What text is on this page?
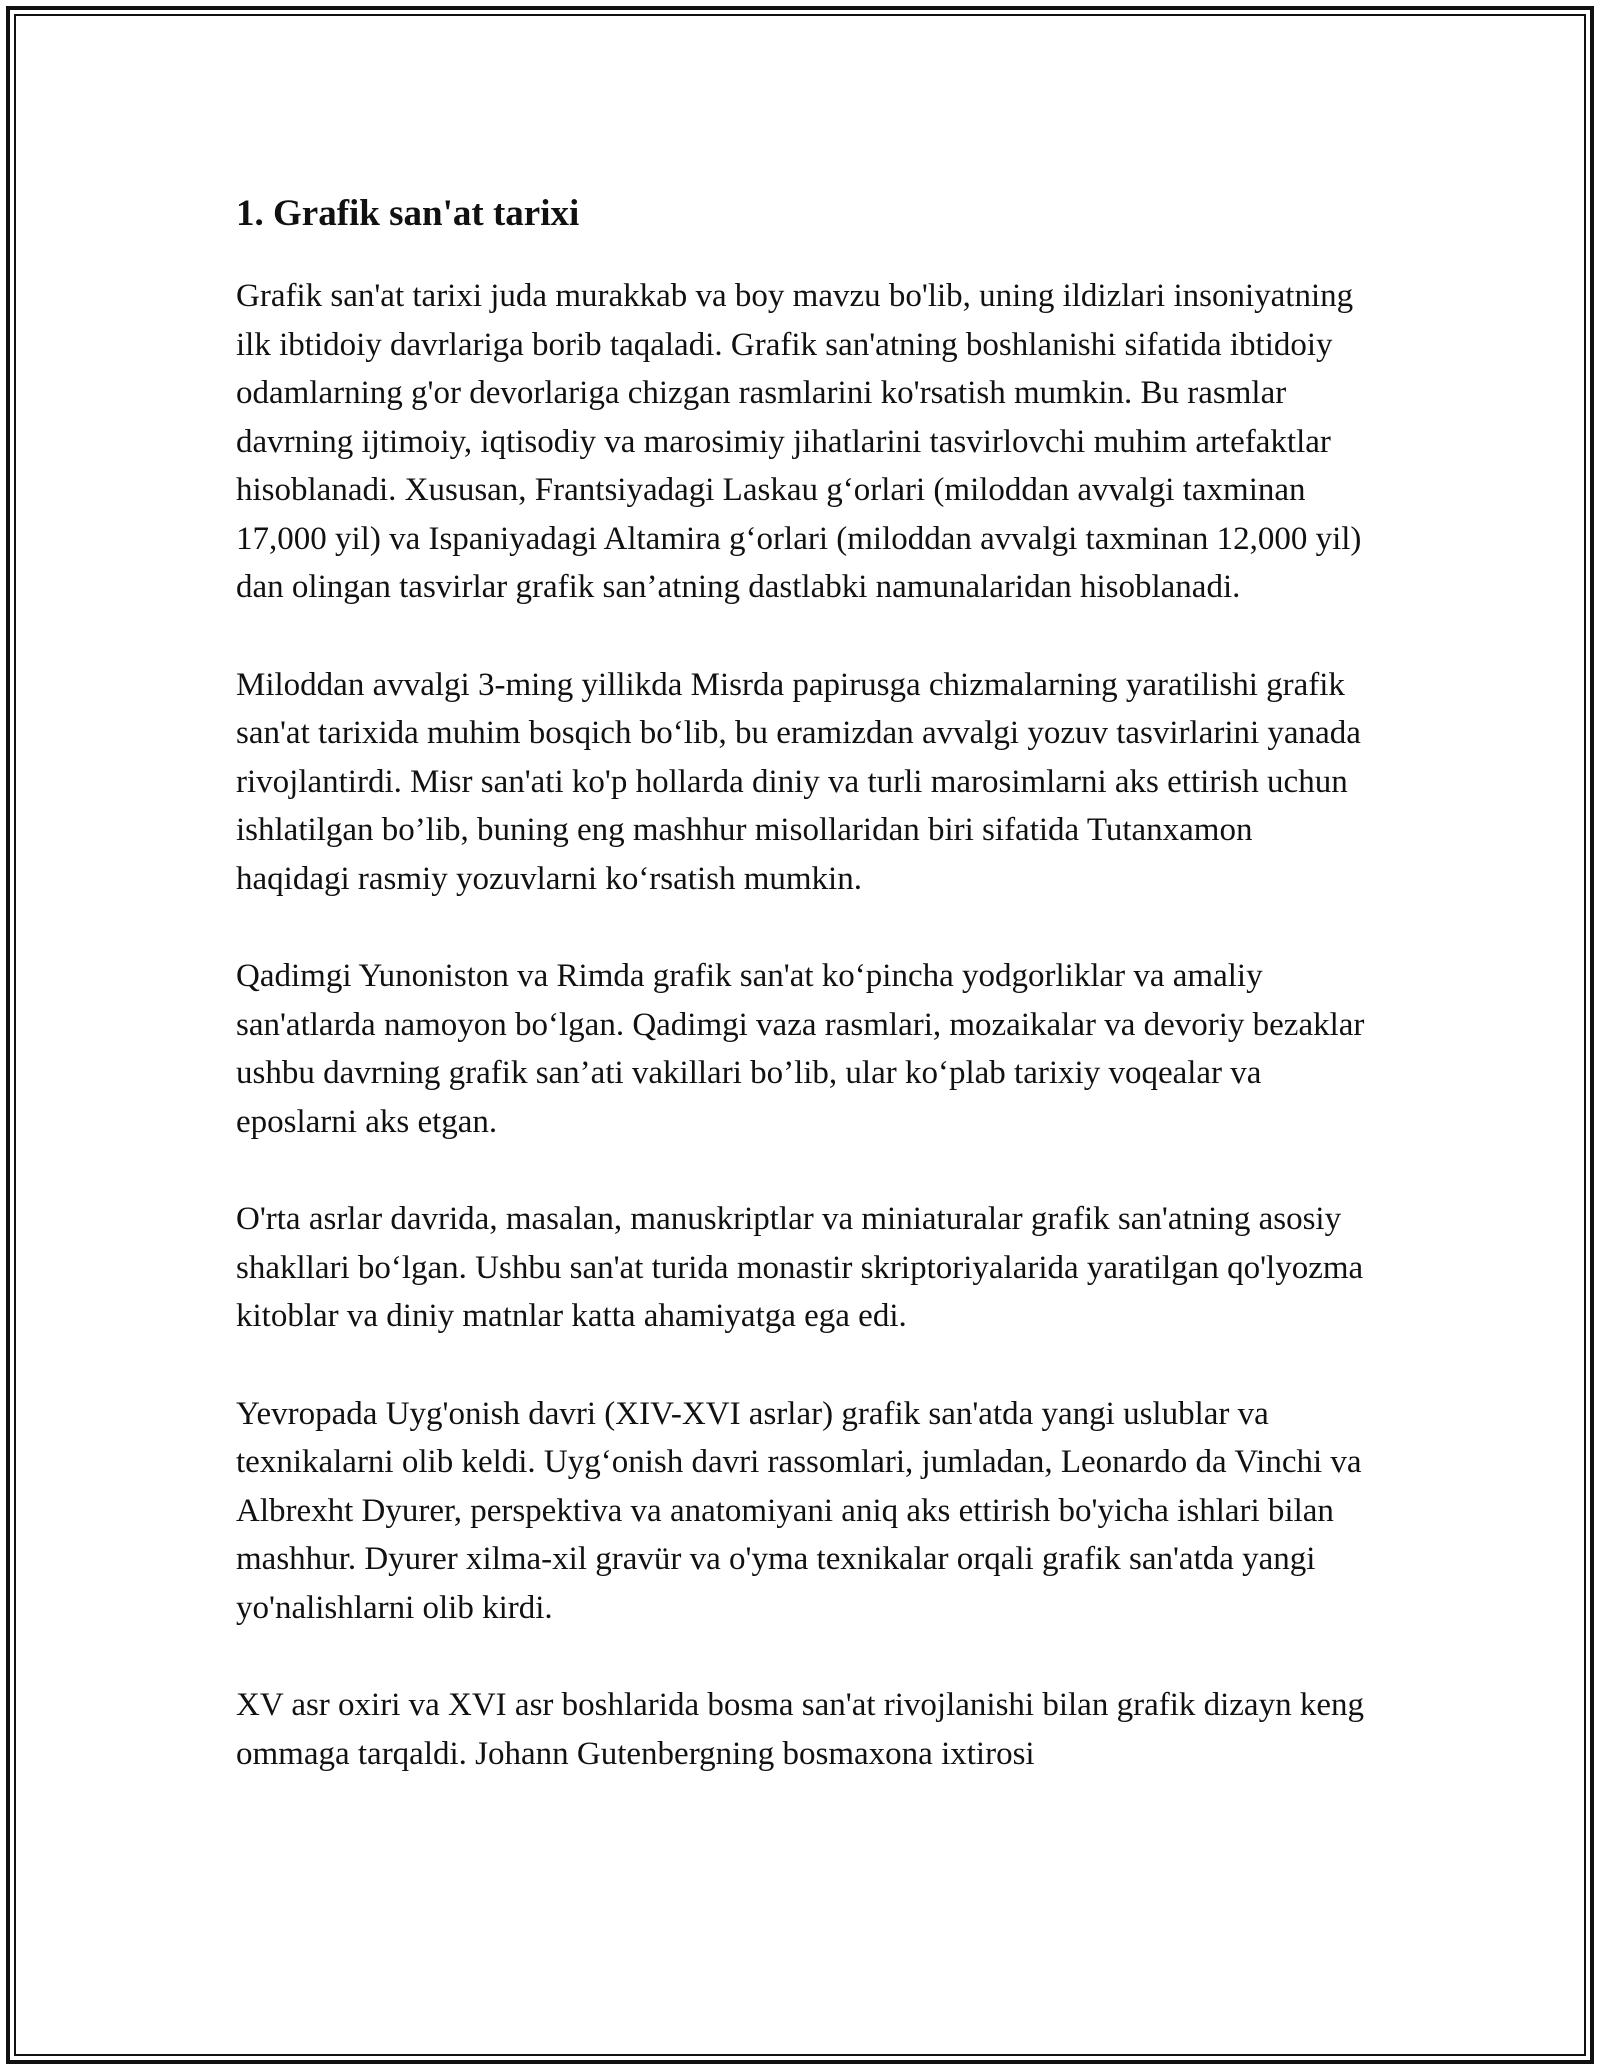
1. Grafik san'at tarixi

Grafik san'at tarixi juda murakkab va boy mavzu bo'lib, uning ildizlari insoniyatning ilk ibtidoiy davrlariga borib taqaladi. Grafik san'atning boshlanishi sifatida ibtidoiy odamlarning g'or devorlariga chizgan rasmlarini ko'rsatish mumkin. Bu rasmlar davrning ijtimoiy, iqtisodiy va marosimiy jihatlarini tasvirlovchi muhim artefaktlar hisoblanadi. Xususan, Frantsiyadagi Laskau g‘orlari (miloddan avvalgi taxminan 17,000 yil) va Ispaniyadagi Altamira g‘orlari (miloddan avvalgi taxminan 12,000 yil) dan olingan tasvirlar grafik san’atning dastlabki namunalaridan hisoblanadi.

Miloddan avvalgi 3-ming yillikda Misrda papirusga chizmalarning yaratilishi grafik san'at tarixida muhim bosqich bo‘lib, bu eramizdan avvalgi yozuv tasvirlarini yanada rivojlantirdi. Misr san'ati ko'p hollarda diniy va turli marosimlarni aks ettirish uchun ishlatilgan bo’lib, buning eng mashhur misollaridan biri sifatida Tutanxamon haqidagi rasmiy yozuvlarni ko‘rsatish mumkin.

Qadimgi Yunoniston va Rimda grafik san'at ko‘pincha yodgorliklar va amaliy san'atlarda namoyon bo‘lgan. Qadimgi vaza rasmlari, mozaikalar va devoriy bezaklar ushbu davrning grafik san’ati vakillari bo’lib, ular ko‘plab tarixiy voqealar va eposlarni aks etgan.

O'rta asrlar davrida, masalan, manuskriptlar va miniaturalar grafik san'atning asosiy shakllari bo‘lgan. Ushbu san'at turida monastir skriptoriyalarida yaratilgan qo'lyozma kitoblar va diniy matnlar katta ahamiyatga ega edi.

Yevropada Uyg'onish davri (XIV-XVI asrlar) grafik san'atda yangi uslublar va texnikalarni olib keldi. Uyg‘onish davri rassomlari, jumladan, Leonardo da Vinchi va Albrexht Dyurer, perspektiva va anatomiyani aniq aks ettirish bo'yicha ishlari bilan mashhur. Dyurer xilma-xil gravür va o'yma texnikalar orqali grafik san'atda yangi yo'nalishlarni olib kirdi.

XV asr oxiri va XVI asr boshlarida bosma san'at rivojlanishi bilan grafik dizayn keng ommaga tarqaldi. Johann Gutenbergning bosmaxona ixtirosi
